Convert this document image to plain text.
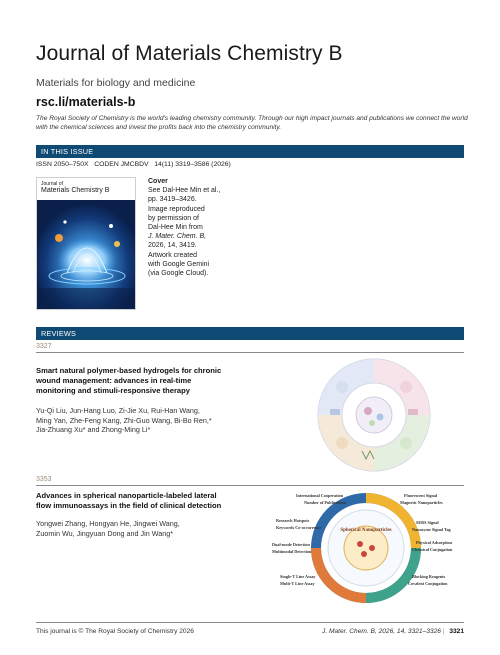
Journal of Materials Chemistry B
Materials for biology and medicine
rsc.li/materials-b
The Royal Society of Chemistry is the world's leading chemistry community. Through our high impact journals and publications we connect the world with the chemical sciences and invest the profits back into the chemistry community.
IN THIS ISSUE
ISSN 2050–750X   CODEN JMCBDV   14(11) 3319–3586 (2026)
Journal of
Materials Chemistry B
Cover
See Dal-Hee Min et al.,
pp. 3419–3426.
Image reproduced
by permission of
Dal-Hee Min from
J. Mater. Chem. B,
2026, 14, 3419.
Artwork created
with Google Gemini
(via Google Cloud).
REVIEWS
3327
Smart natural polymer-based hydrogels for chronic
wound management: advances in real-time
monitoring and stimuli-responsive therapy
Yu-Qi Liu, Jun-Hang Luo, Zi-Jie Xu, Rui-Han Wang,
Ming Yan, Zhe-Feng Kang, Zhi-Guo Wang, Bi-Bo Ren,*
Jia-Zhuang Xu* and Zhong-Ming Li*
3353
Advances in spherical nanoparticle-labeled lateral
flow immunoassays in the field of clinical detection
Yongwei Zhang, Hongyan He, Jingwei Wang,
Zuomin Wu, Jingyuan Dong and Jin Wang*	Spherical Nanoparticles
International Cooperation
Number of Publications
Research Hotspots
Keywords Co-occurrence
Dual-mode Detection
Multimodal Detection
Single-T Line Assay
Multi-T Line Assay
Fluorescent Signal
Magnetic Nanoparticles
SERS Signal
Nanozyme Signal Tag
Physical Adsorption
Chemical Conjugation
Blocking Reagents
Covalent Conjugation
This journal is © The Royal Society of Chemistry 2026	J. Mater. Chem. B, 2026, 14, 3321–3326 | 3321
